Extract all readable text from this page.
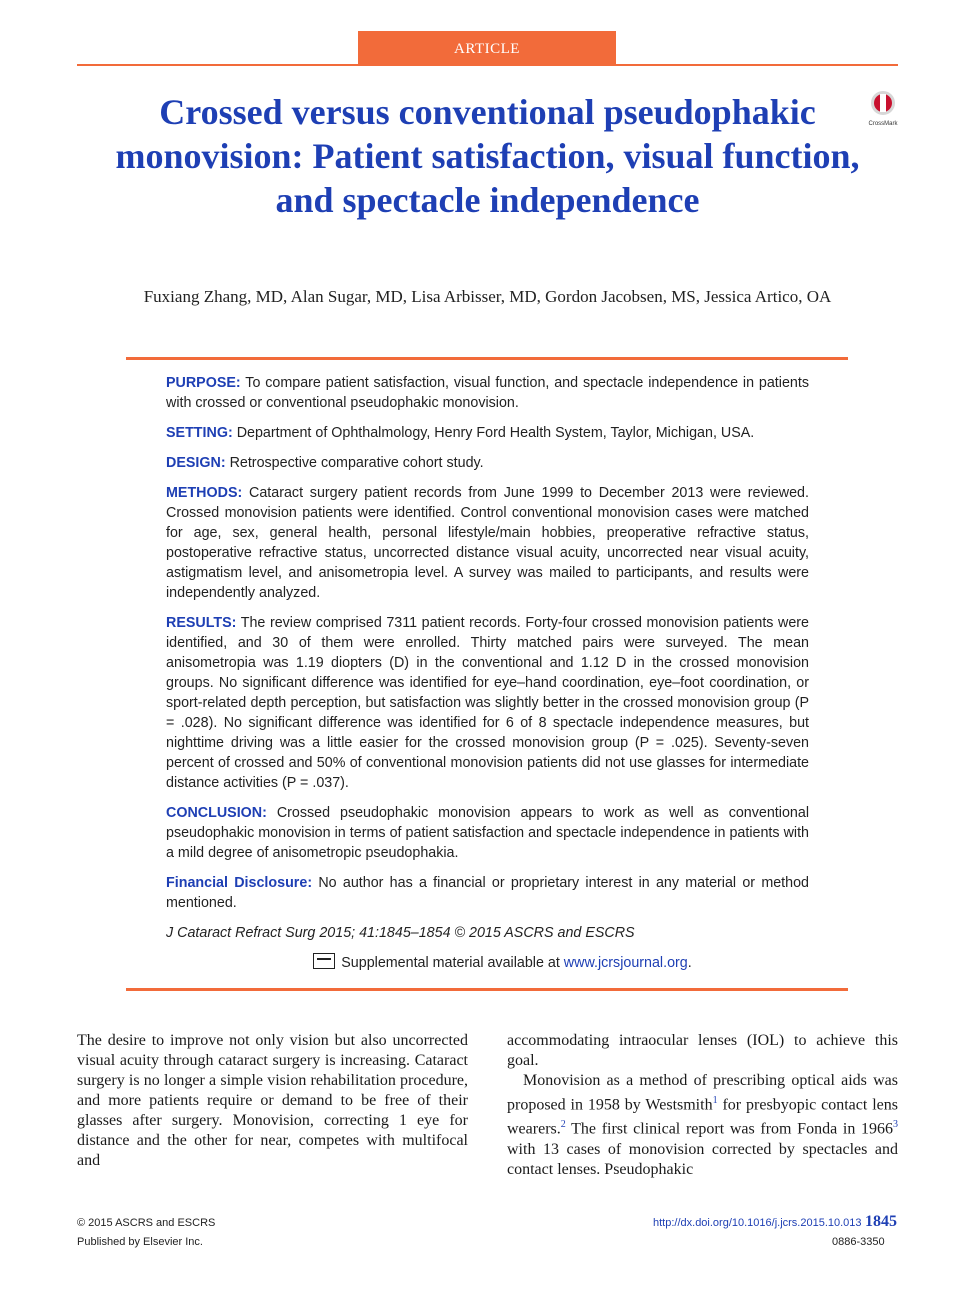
ARTICLE
Crossed versus conventional pseudophakic monovision: Patient satisfaction, visual function, and spectacle independence
CrossMark
Fuxiang Zhang, MD, Alan Sugar, MD, Lisa Arbisser, MD, Gordon Jacobsen, MS, Jessica Artico, OA

PURPOSE: To compare patient satisfaction, visual function, and spectacle independence in patients with crossed or conventional pseudophakic monovision.

SETTING: Department of Ophthalmology, Henry Ford Health System, Taylor, Michigan, USA.

DESIGN: Retrospective comparative cohort study.

METHODS: Cataract surgery patient records from June 1999 to December 2013 were reviewed. Crossed monovision patients were identified. Control conventional monovision cases were matched for age, sex, general health, personal lifestyle/main hobbies, preoperative refractive status, postoperative refractive status, uncorrected distance visual acuity, uncorrected near visual acuity, astigmatism level, and anisometropia level. A survey was mailed to participants, and results were independently analyzed.

RESULTS: The review comprised 7311 patient records. Forty-four crossed monovision patients were identified, and 30 of them were enrolled. Thirty matched pairs were surveyed. The mean anisometropia was 1.19 diopters (D) in the conventional and 1.12 D in the crossed monovision groups. No significant difference was identified for eye–hand coordination, eye–foot coordination, or sport-related depth perception, but satisfaction was slightly better in the crossed monovision group (P = .028). No significant difference was identified for 6 of 8 spectacle independence measures, but nighttime driving was a little easier for the crossed monovision group (P = .025). Seventy-seven percent of crossed and 50% of conventional monovision patients did not use glasses for intermediate distance activities (P = .037).

CONCLUSION: Crossed pseudophakic monovision appears to work as well as conventional pseudophakic monovision in terms of patient satisfaction and spectacle independence in patients with a mild degree of anisometropic pseudophakia.

Financial Disclosure: No author has a financial or proprietary interest in any material or method mentioned.

J Cataract Refract Surg 2015; 41:1845–1854 © 2015 ASCRS and ESCRS

Supplemental material available at www.jcrsjournal.org.

The desire to improve not only vision but also uncorrected visual acuity through cataract surgery is increasing. Cataract surgery is no longer a simple vision rehabilitation procedure, and more patients require or demand to be free of their glasses after surgery. Monovision, correcting 1 eye for distance and the other for near, competes with multifocal and

accommodating intraocular lenses (IOL) to achieve this goal.

Monovision as a method of prescribing optical aids was proposed in 1958 by Westsmith$^1$ for presbyopic contact lens wearers.$^2$ The first clinical report was from Fonda in 1966$^3$ with 13 cases of monovision corrected by spectacles and contact lenses. Pseudophakic

© 2015 ASCRS and ESCRS
Published by Elsevier Inc.
http://dx.doi.org/10.1016/j.jcrs.2015.10.013 1845
0886-3350
